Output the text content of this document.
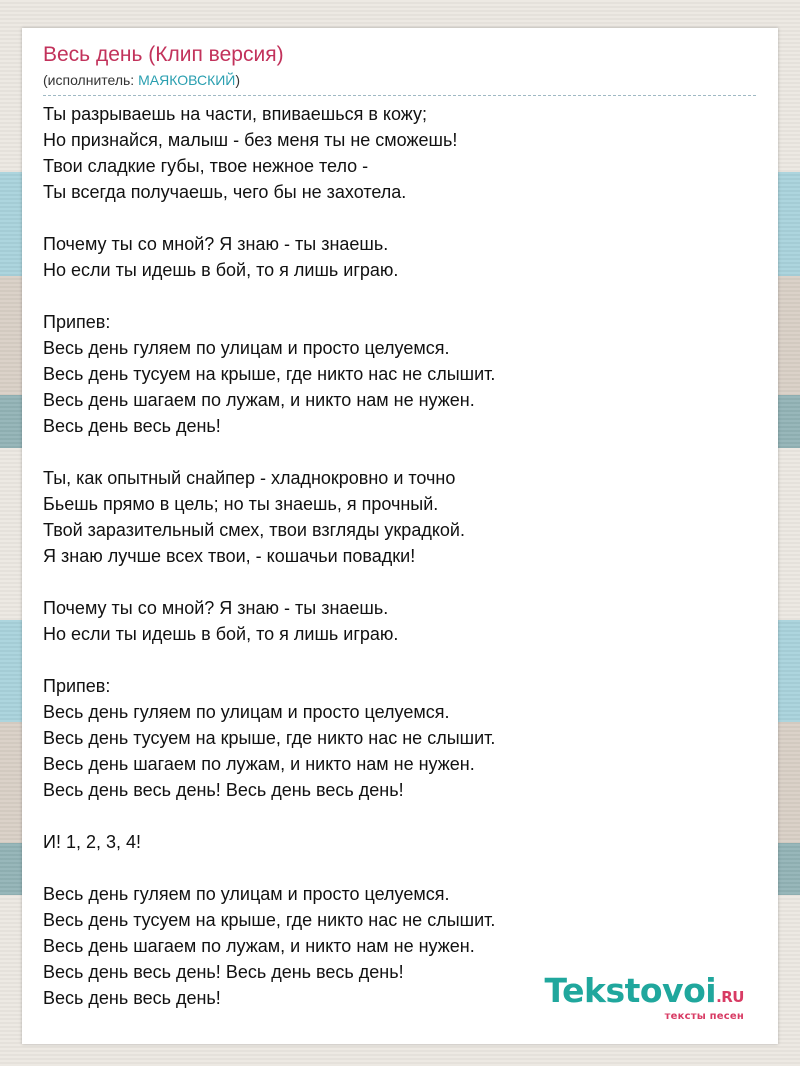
Весь день (Клип версия)
(исполнитель: МАЯКОВСКИЙ)
Ты разрываешь на части, впиваешься в кожу;
Но признайся, малыш - без меня ты не сможешь!
Твои сладкие губы, твое нежное тело -
Ты всегда получаешь, чего бы не захотела.
Почему ты со мной? Я знаю - ты знаешь.
Но если ты идешь в бой, то я лишь играю.
Припев:
Весь день гуляем по улицам и просто целуемся.
Весь день тусуем на крыше, где никто нас не слышит.
Весь день шагаем по лужам, и никто нам не нужен.
Весь день весь день!
Ты, как опытный снайпер - хладнокровно и точно
Бьешь прямо в цель; но ты знаешь, я прочный.
Твой заразительный смех, твои взгляды украдкой.
Я знаю лучше всех твои, - кошачьи повадки!
Почему ты со мной? Я знаю - ты знаешь.
Но если ты идешь в бой, то я лишь играю.
Припев:
Весь день гуляем по улицам и просто целуемся.
Весь день тусуем на крыше, где никто нас не слышит.
Весь день шагаем по лужам, и никто нам не нужен.
Весь день весь день! Весь день весь день!
И! 1, 2, 3, 4!
Весь день гуляем по улицам и просто целуемся.
Весь день тусуем на крыше, где никто нас не слышит.
Весь день шагаем по лужам, и никто нам не нужен.
Весь день весь день! Весь день весь день!
Весь день весь день!	Tekstovoi.RU
тексты песен
